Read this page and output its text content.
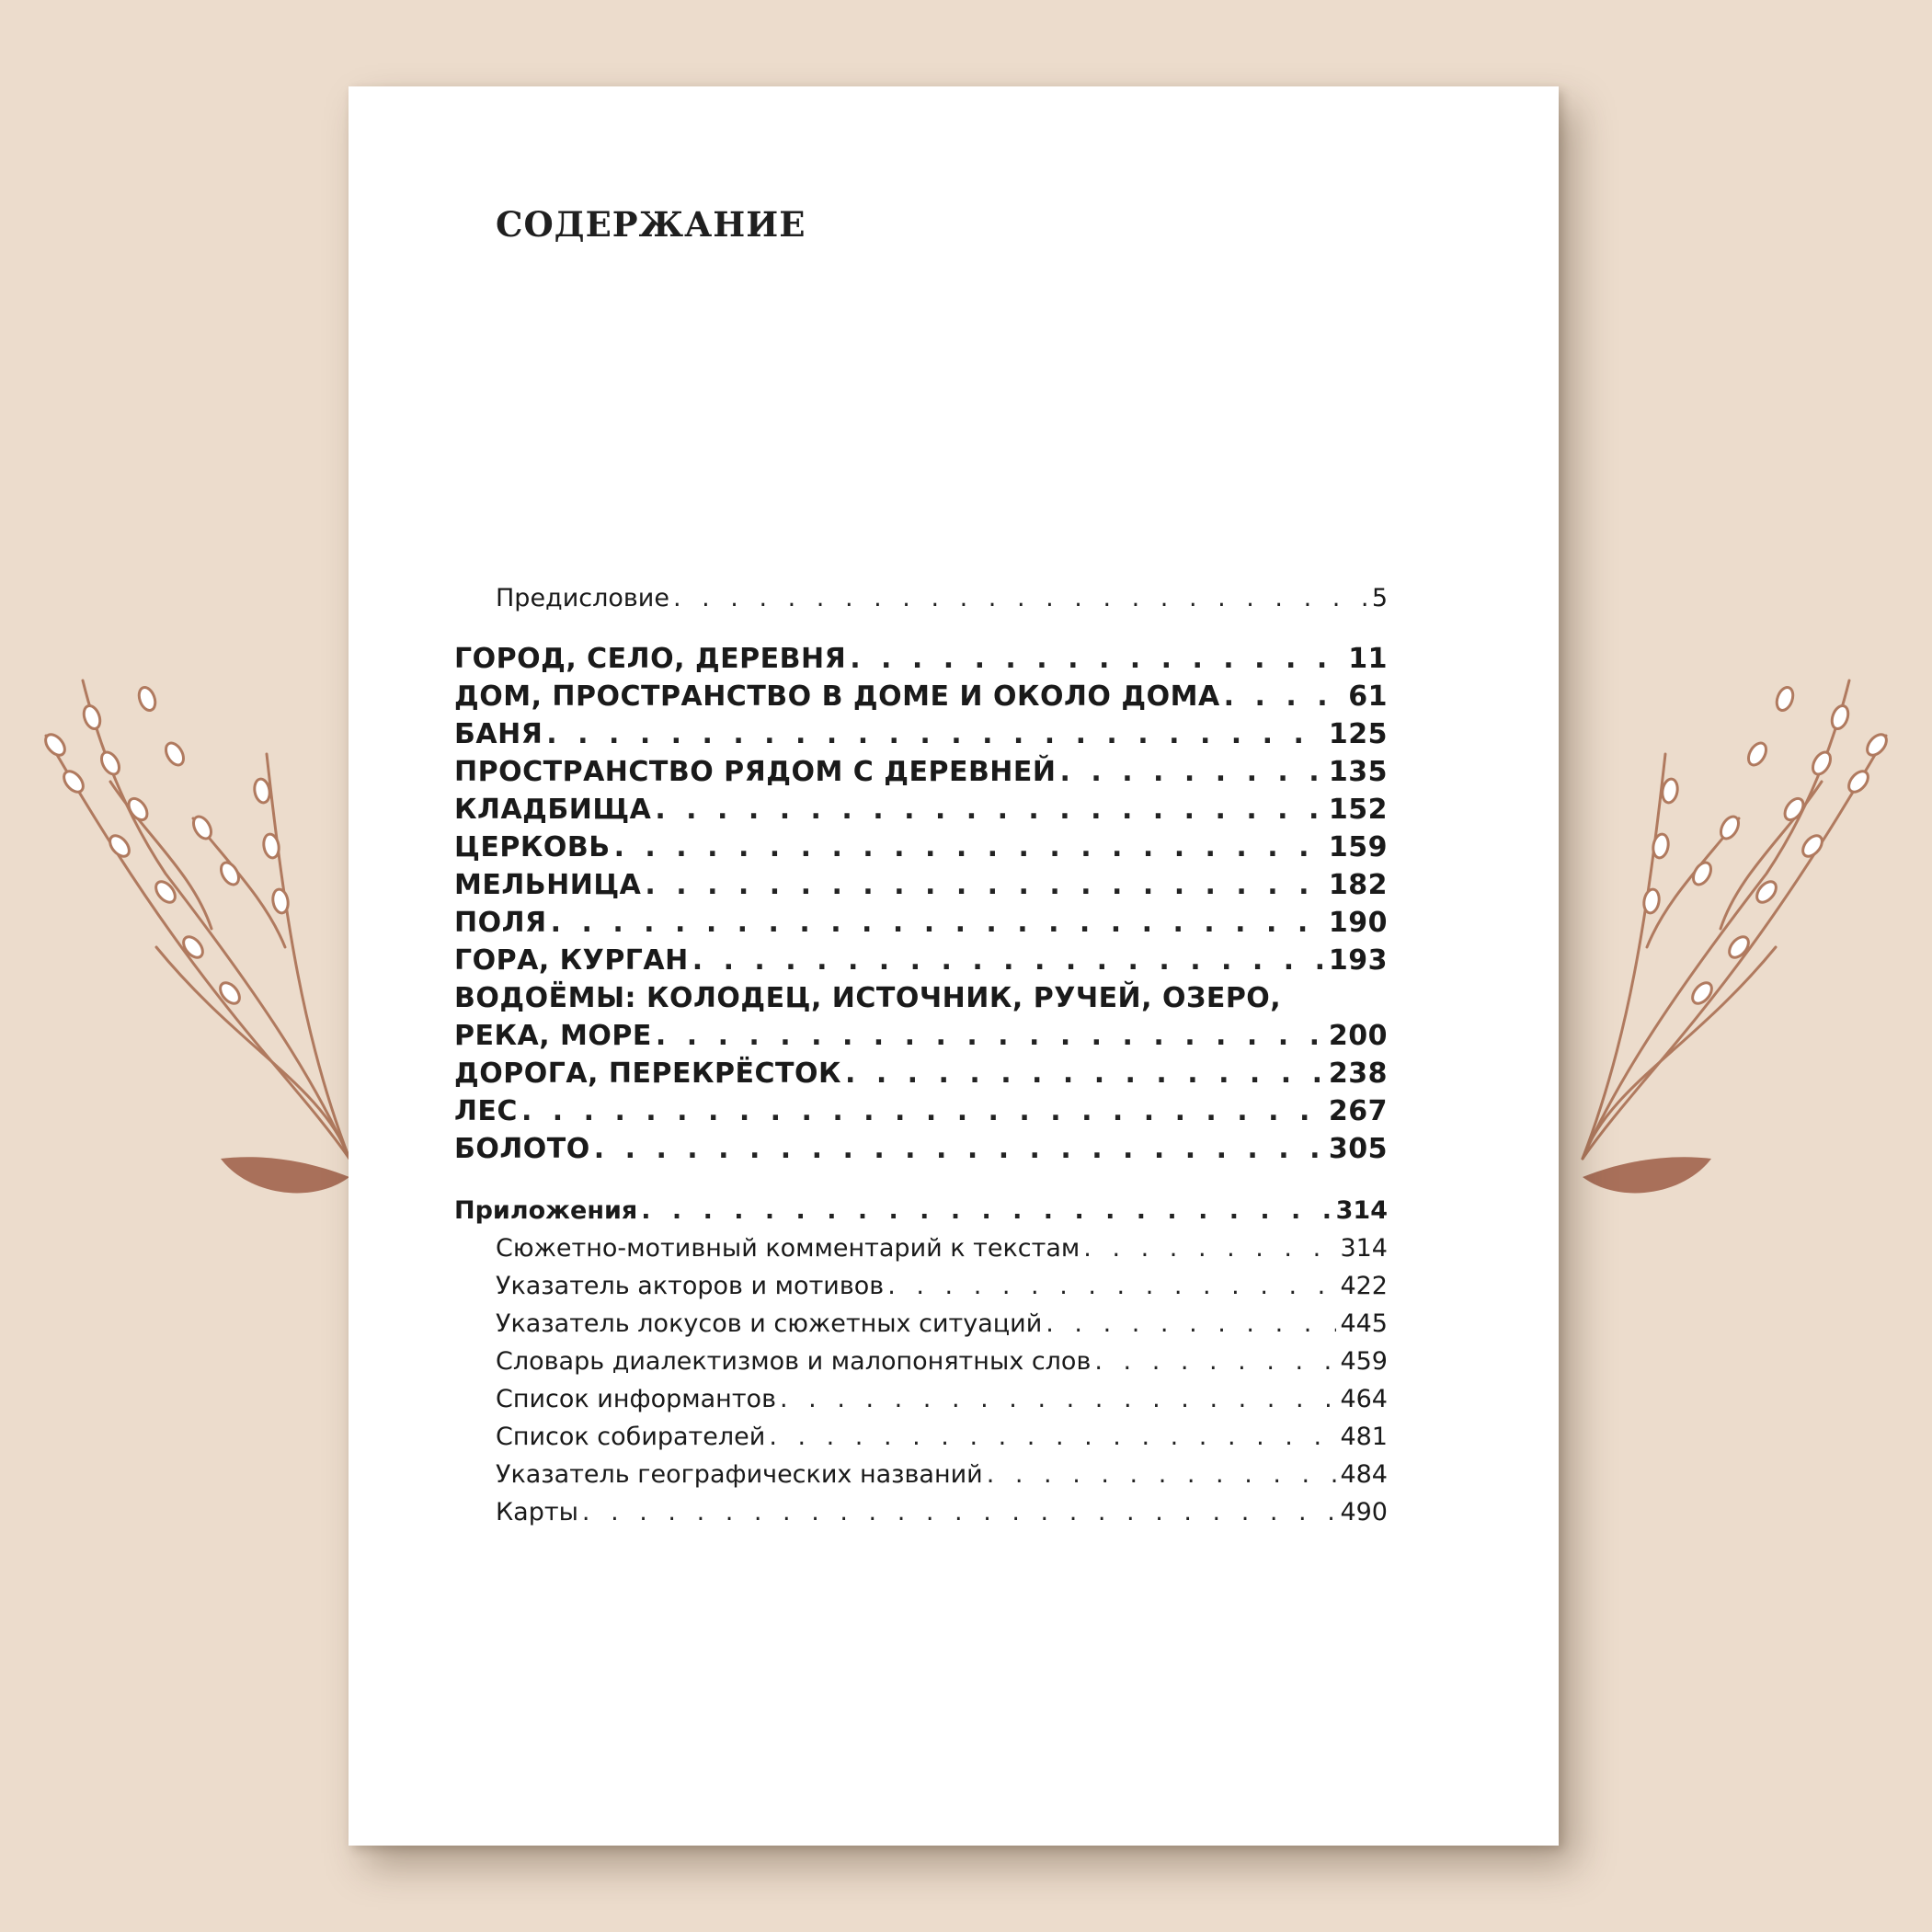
СОДЕРЖАНИЕ
Предисловие . . .	5
ГОРОД, СЕЛО, ДЕРЕВНЯ . . .	11
ДОМ, ПРОСТРАНСТВО В ДОМЕ И ОКОЛО ДОМА . . .	61
БАНЯ . . .	125
ПРОСТРАНСТВО РЯДОМ С ДЕРЕВНЕЙ . . .	135
КЛАДБИЩА . . .	152
ЦЕРКОВЬ . . .	159
МЕЛЬНИЦА . . .	182
ПОЛЯ . . .	190
ГОРА, КУРГАН . . .	193
ВОДОЁМЫ: КОЛОДЕЦ, ИСТОЧНИК, РУЧЕЙ, ОЗЕРО,
РЕКА, МОРЕ . . .	200
ДОРОГА, ПЕРЕКРЁСТОК . . .	238
ЛЕС . . .	267
БОЛОТО . . .	305
Приложения . . .	314
Сюжетно-мотивный комментарий к текстам . . .	314
Указатель акторов и мотивов . . .	422
Указатель локусов и сюжетных ситуаций . . .	445
Словарь диалектизмов и малопонятных слов . . .	459
Список информантов . . .	464
Список собирателей . . .	481
Указатель географических названий . . .	484
Карты . . .	490
